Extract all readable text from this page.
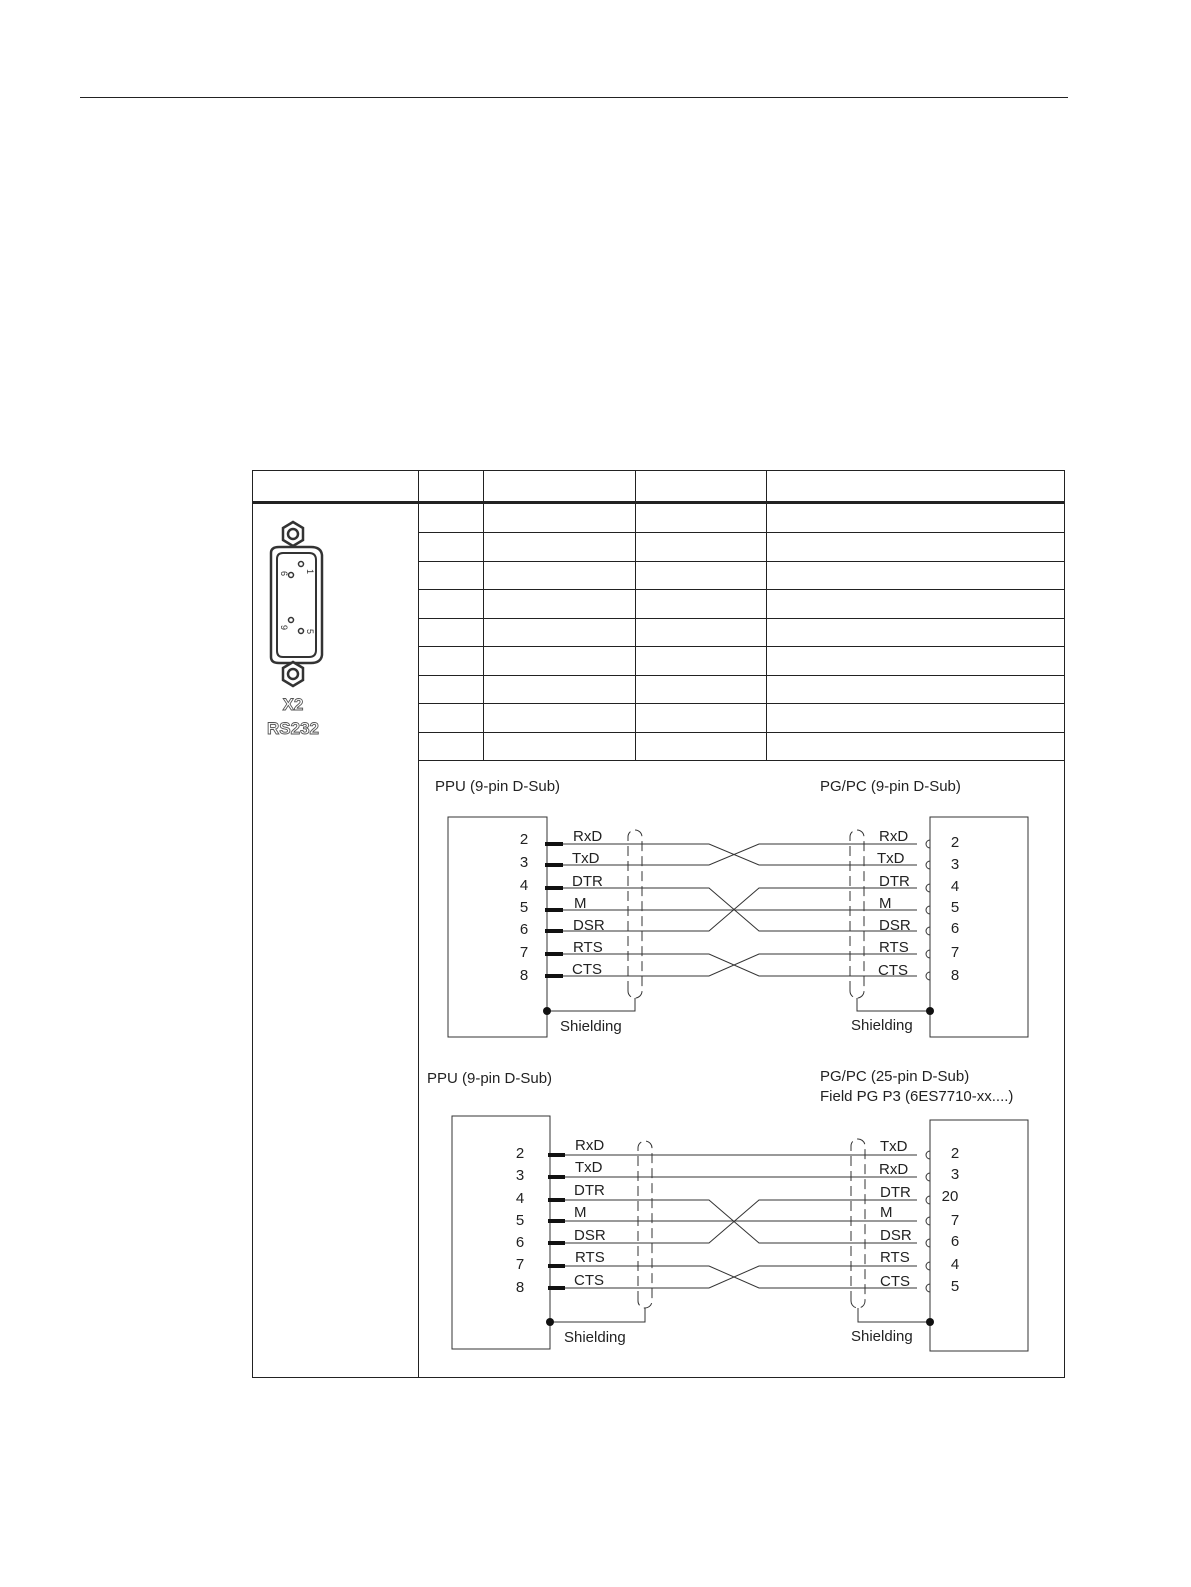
1
6
9
5
X2
RS232
PPU (9-pin D-Sub)	PG/PC (9-pin D-Sub)
Shielding	Shielding
2
3
4
5
6
7
8
2
3
4
5
6
7
8
RxD
TxD
DTR
M
DSR
RTS
CTS
RxD
TxD
DTR
M
DSR
RTS
CTS
PPU (9-pin D-Sub)	PG/PC (25-pin D-Sub)
Field PG P3 (6ES7710-xx....)
Shielding	Shielding
2
3
4
5
6
7
8
2
3
20
7
6
4
5
RxD
TxD
DTR
M
DSR
RTS
CTS
TxD
RxD
DTR
M
DSR
RTS
CTS
